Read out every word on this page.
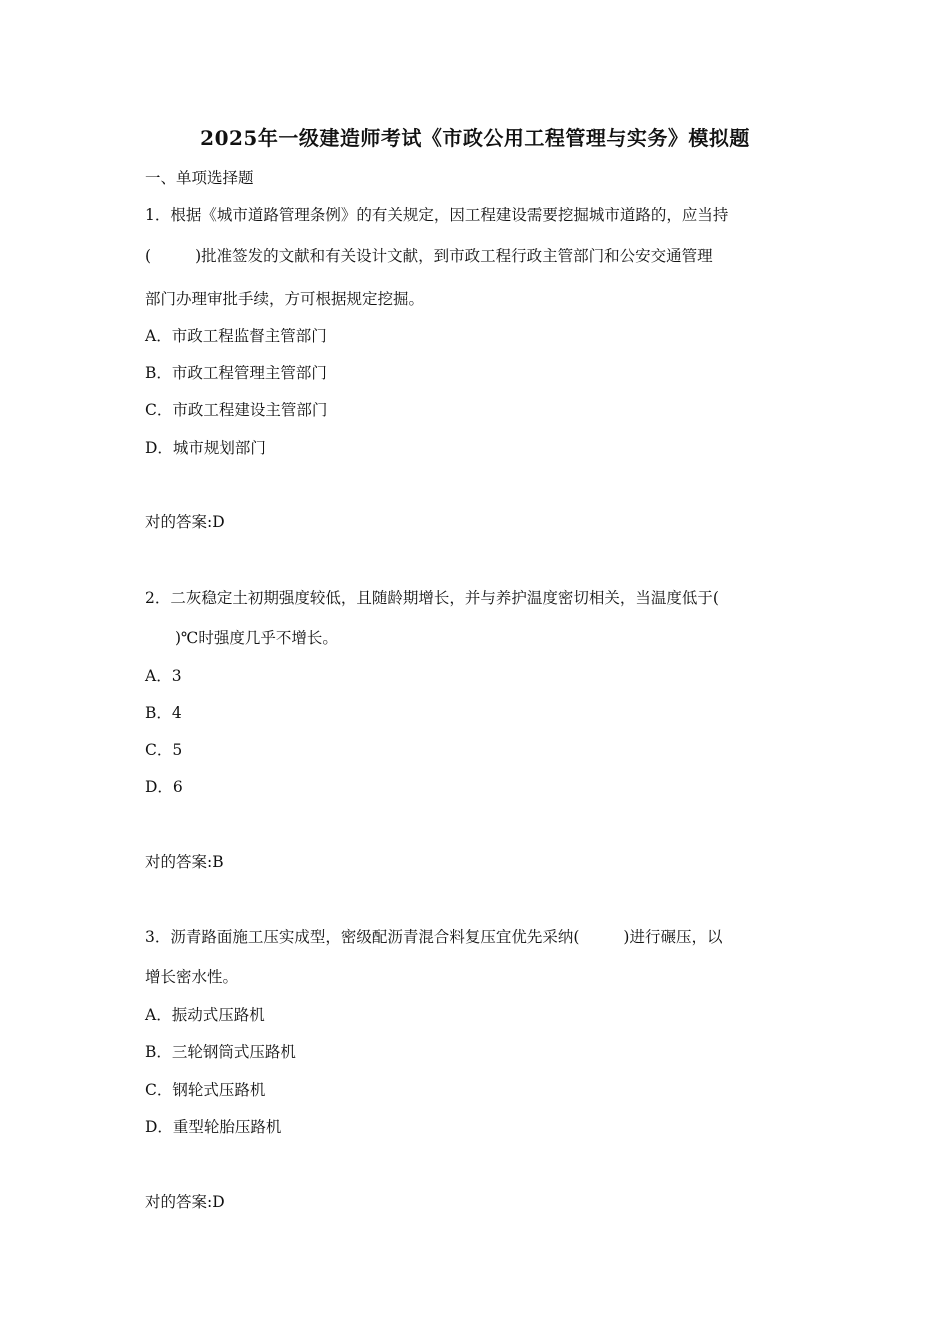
2025年一级建造师考试《市政公用工程管理与实务》模拟题
一、单项选择题
1．根据《城市道路管理条例》的有关规定，因工程建设需要挖掘城市道路的，应当持
(	)批准签发的文献和有关设计文献，到市政工程行政主管部门和公安交通管理
部门办理审批手续，方可根据规定挖掘。
A．市政工程监督主管部门
B．市政工程管理主管部门
C．市政工程建设主管部门
D．城市规划部门
对的答案:D
2．二灰稳定土初期强度较低，且随龄期增长，并与养护温度密切相关，当温度低于(
)℃时强度几乎不增长。
A．3
B．4
C．5
D．6
对的答案:B
3．沥青路面施工压实成型，密级配沥青混合料复压宜优先采纳(	)进行碾压，以
增长密水性。
A．振动式压路机
B．三轮钢筒式压路机
C．钢轮式压路机
D．重型轮胎压路机
对的答案:D
